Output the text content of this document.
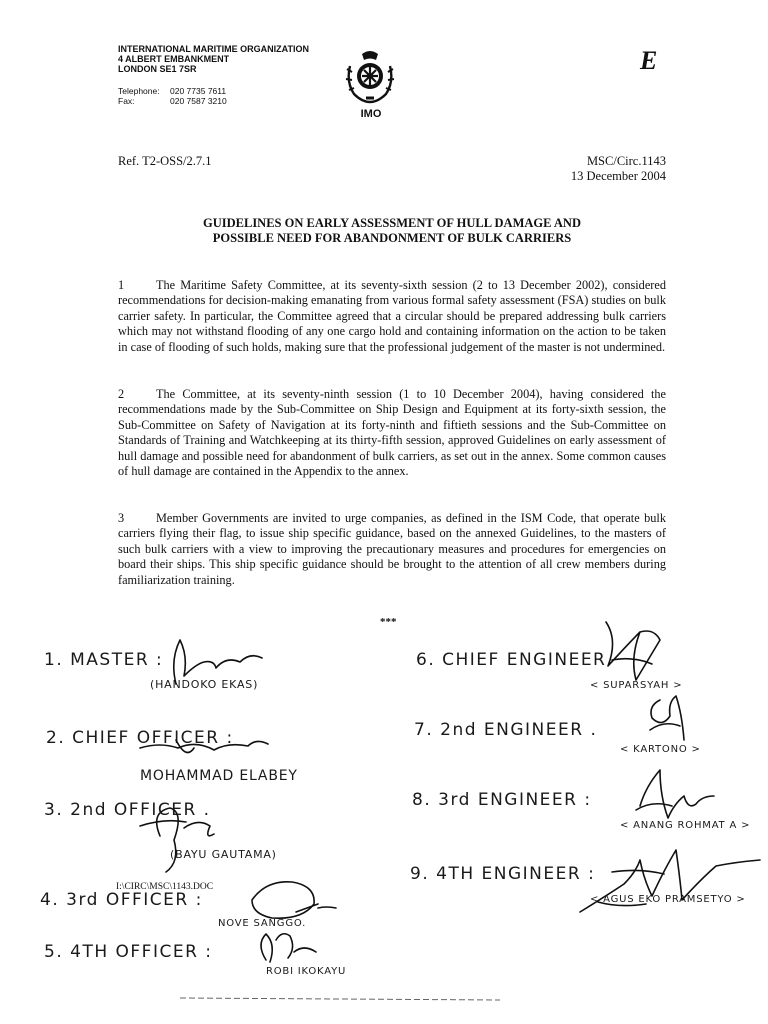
INTERNATIONAL MARITIME ORGANIZATION
4 ALBERT EMBANKMENT
LONDON SE1 7SR
Telephone: 020 7735 7611
Fax:	020 7587 3210
IMO
E
Ref. T2-OSS/2.7.1	MSC/Circ.1143
13 December 2004
GUIDELINES ON EARLY ASSESSMENT OF HULL DAMAGE AND
POSSIBLE NEED FOR ABANDONMENT OF BULK CARRIERS
1	The Maritime Safety Committee, at its seventy-sixth session (2 to 13 December 2002), considered recommendations for decision-making emanating from various formal safety assessment (FSA) studies on bulk carrier safety. In particular, the Committee agreed that a circular should be prepared addressing bulk carriers which may not withstand flooding of any one cargo hold and containing information on the action to be taken in case of flooding of such holds, making sure that the professional judgement of the master is not undermined.
2	The Committee, at its seventy-ninth session (1 to 10 December 2004), having considered the recommendations made by the Sub-Committee on Ship Design and Equipment at its forty-sixth session, the Sub-Committee on Safety of Navigation at its forty-ninth and fiftieth sessions and the Sub-Committee on Standards of Training and Watchkeeping at its thirty-fifth session, approved Guidelines on early assessment of hull damage and possible need for abandonment of bulk carriers, as set out in the annex. Some common causes of hull damage are contained in the Appendix to the annex.
3	Member Governments are invited to urge companies, as defined in the ISM Code, that operate bulk carriers flying their flag, to issue ship specific guidance, based on the annexed Guidelines, to the masters of such bulk carriers with a view to improving the precautionary measures and procedures for emergencies on board their ships. This ship specific guidance should be brought to the attention of all crew members during familiarization training.
***
I:\CIRC\MSC\1143.DOC
1. MASTER :
(HANDOKO EKAS)
2. CHIEF OFFICER :
MOHAMMAD ELABEY
3. 2nd OFFICER .
(BAYU GAUTAMA)
4. 3rd OFFICER :
NOVE SANGGO.
5. 4TH OFFICER :
ROBI IKOKAYU
6. CHIEF ENGINEER
< SUPARSYAH >
7. 2nd ENGINEER .
< KARTONO >
8. 3rd ENGINEER :
< ANANG ROHMAT A >
9. 4TH ENGINEER :
< AGUS EKO PRAMSETYO >
